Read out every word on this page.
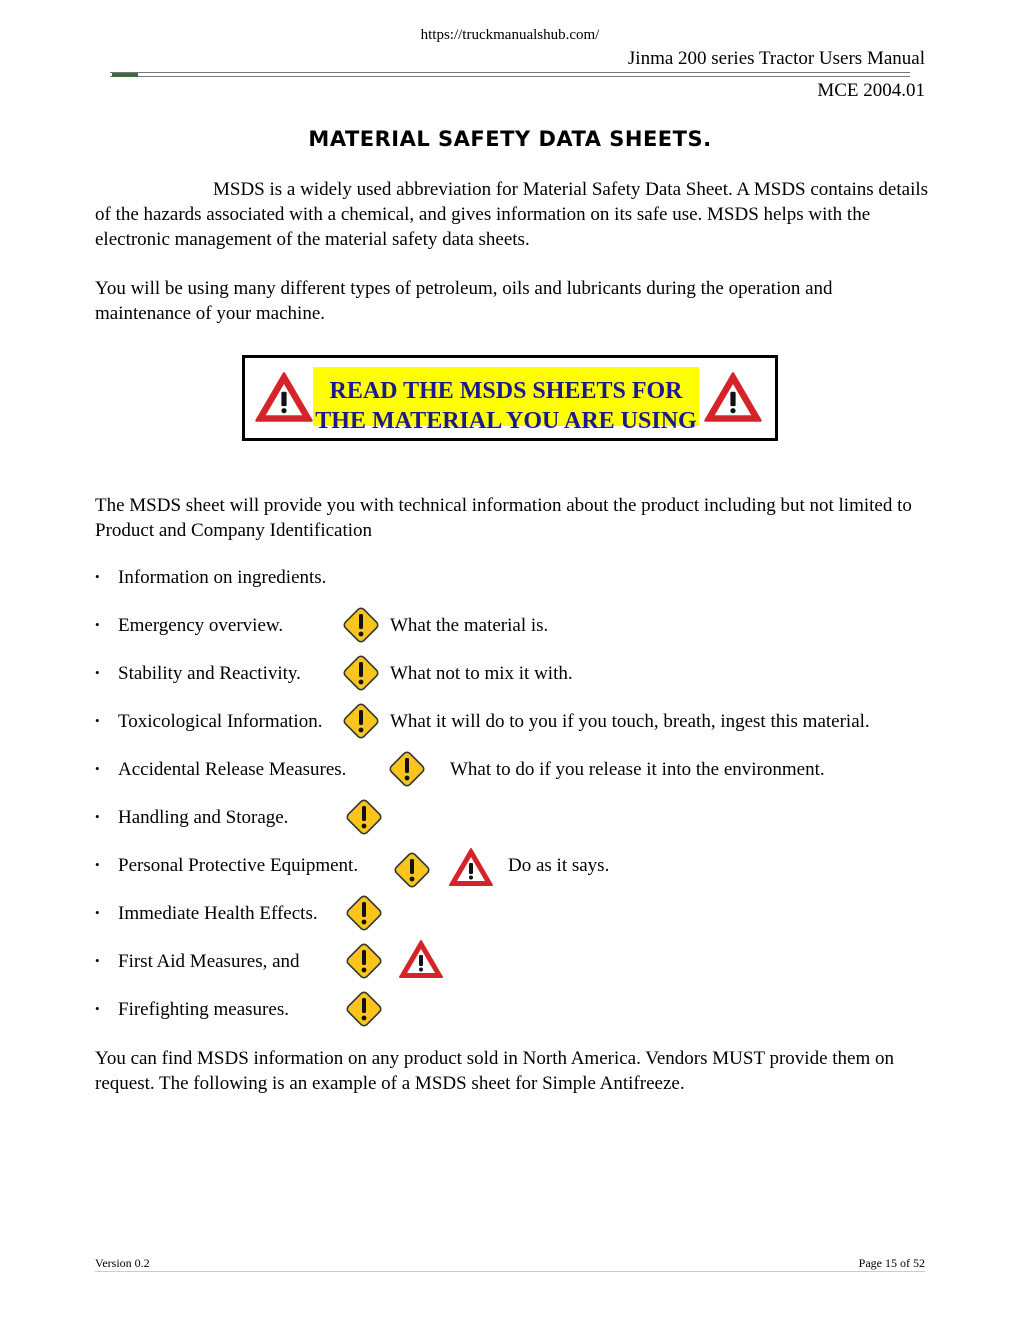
https://truckmanualshub.com/
Jinma 200 series Tractor Users Manual
MCE 2004.01
MATERIAL SAFETY DATA SHEETS.
MSDS is a widely used abbreviation for Material Safety Data Sheet. A MSDS contains details of the hazards associated with a chemical, and gives information on its safe use. MSDS helps with the electronic management of the material safety data sheets.
You will be using many different types of petroleum, oils and lubricants during the operation and maintenance of your machine.
READ THE MSDS SHEETS FOR
THE MATERIAL YOU ARE USING
The MSDS sheet will provide you with technical information about the product including but not limited to Product and Company Identification
• Information on ingredients.
• Emergency overview.	What the material is.
• Stability and Reactivity.	What not to mix it with.
• Toxicological Information.	What it will do to you if you touch, breath, ingest this material.
• Accidental Release Measures.	What to do if you release it into the environment.
• Handling and Storage.
• Personal Protective Equipment.	Do as it says.
• Immediate Health Effects.
• First Aid Measures, and
• Firefighting measures.
You can find MSDS information on any product sold in North America. Vendors MUST provide them on request. The following is an example of a MSDS sheet for Simple Antifreeze.
Version 0.2	Page 15 of 52
